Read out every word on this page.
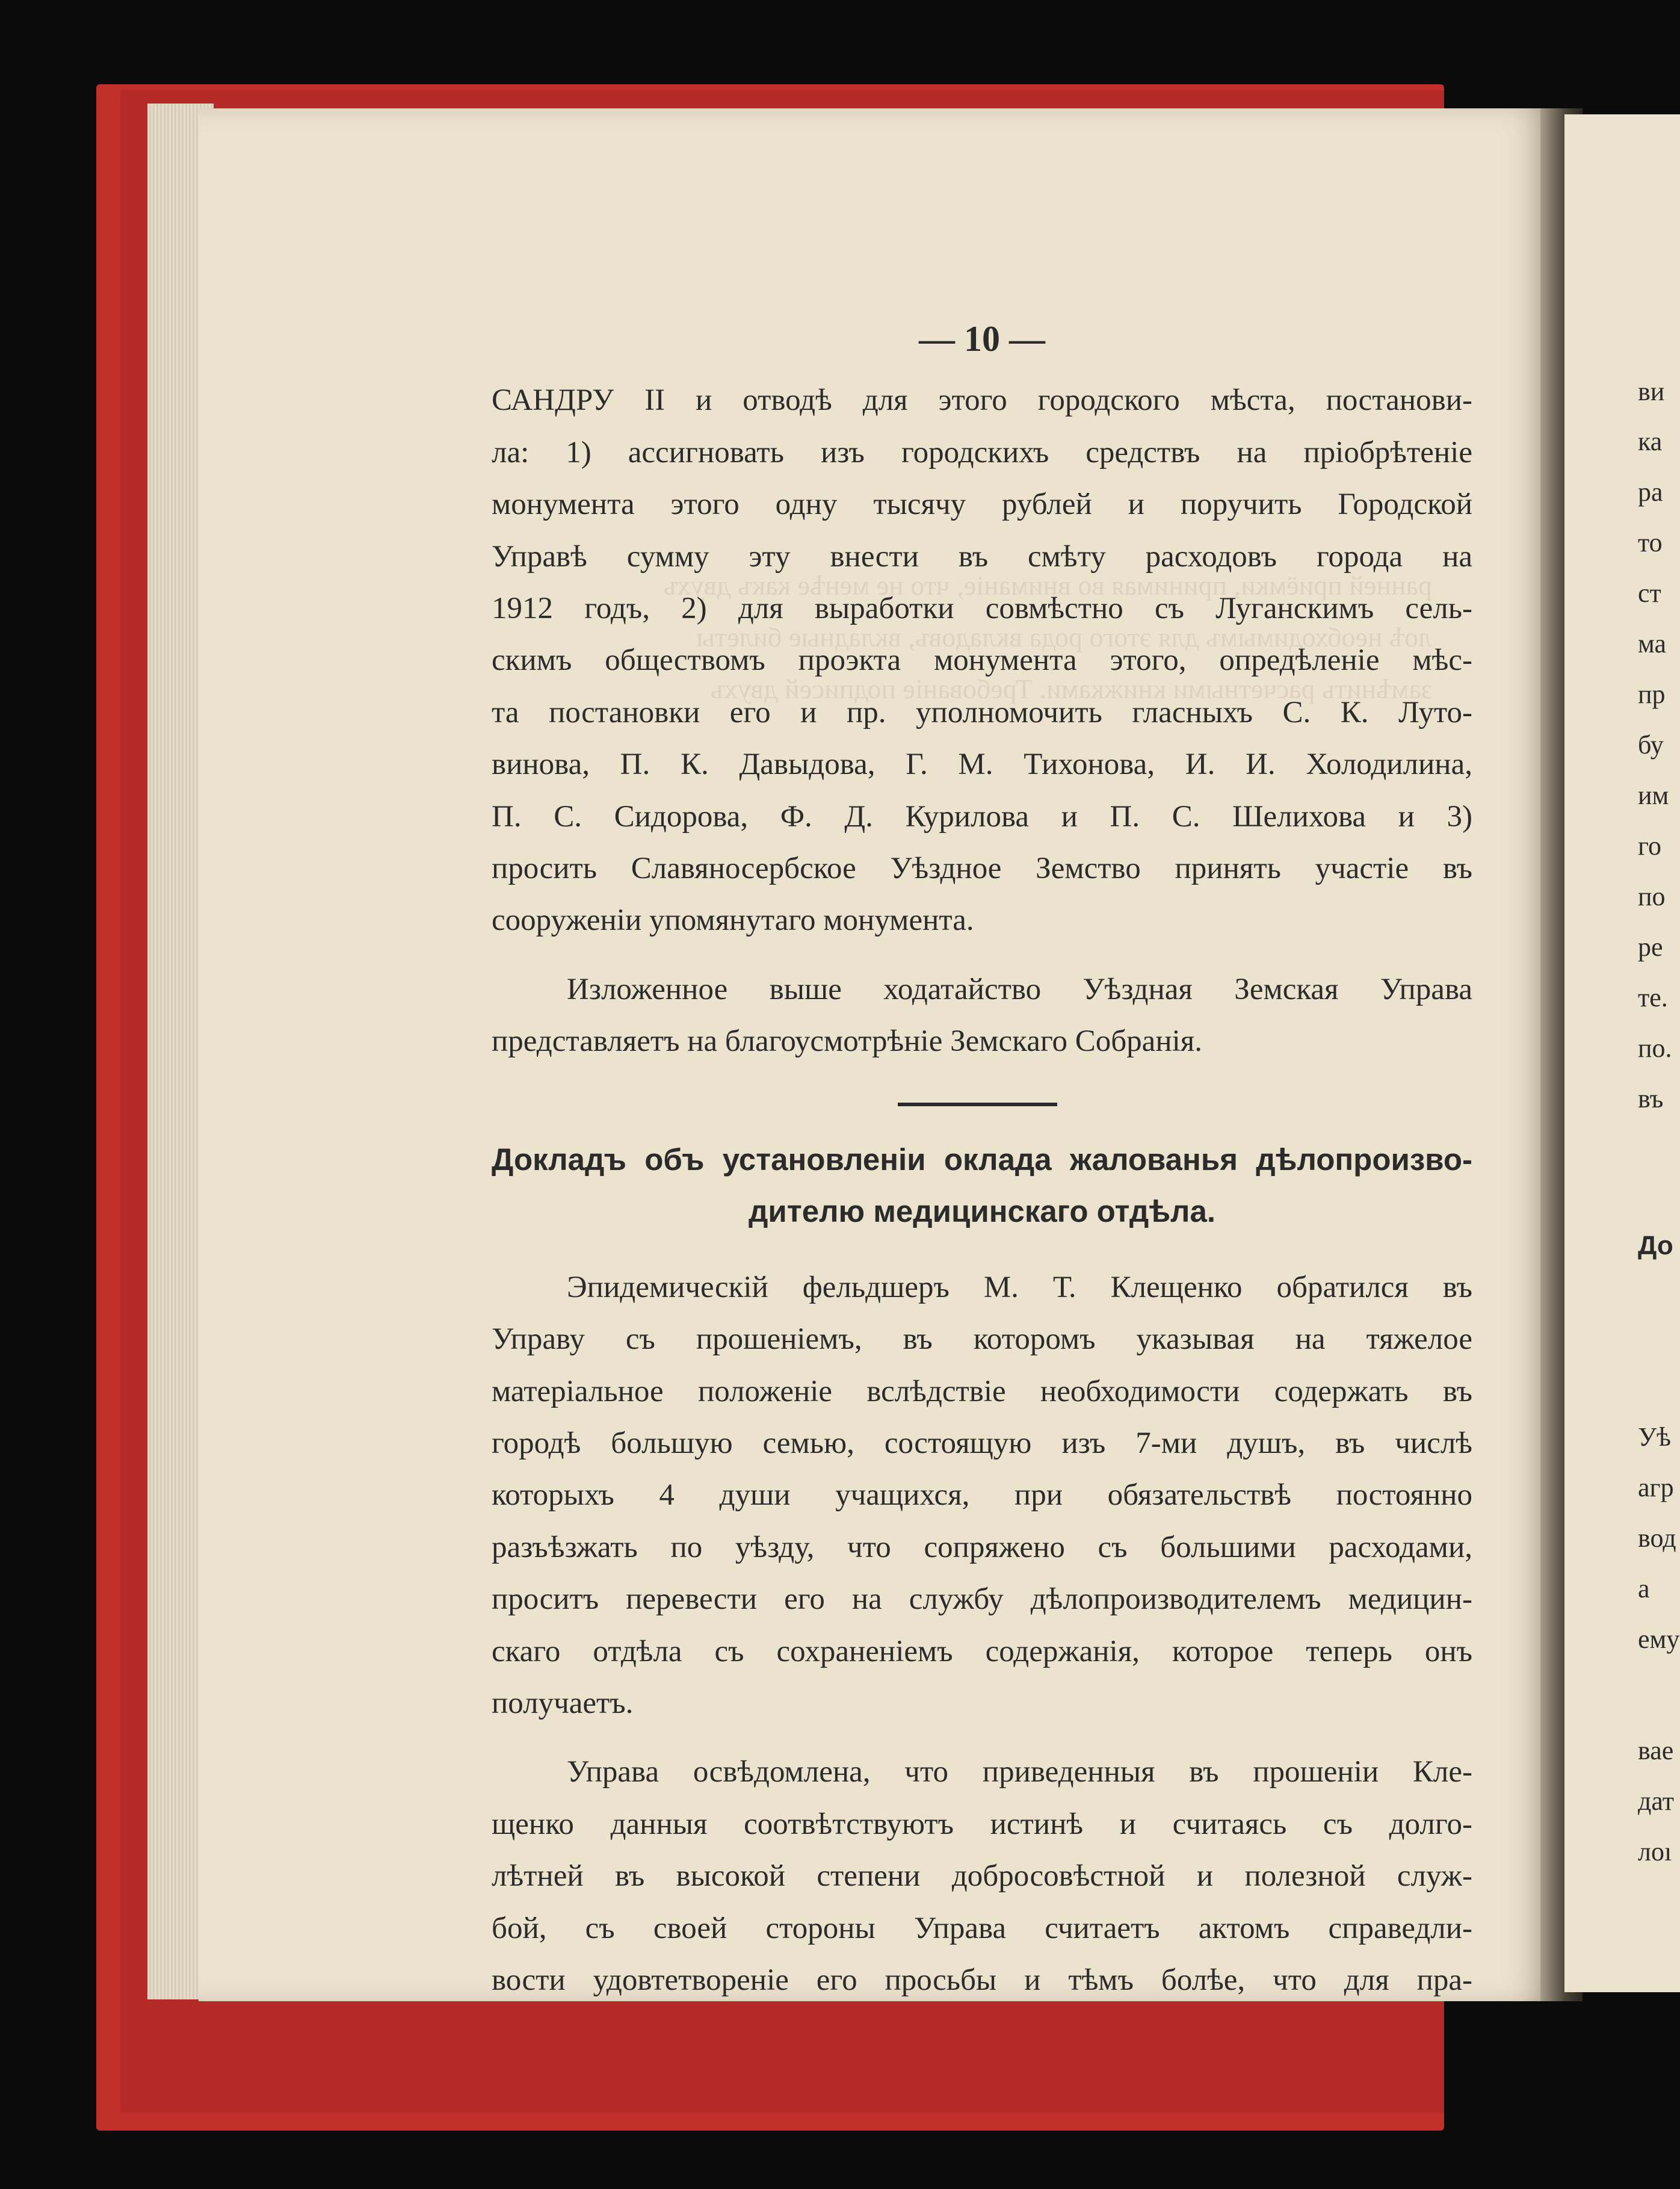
ранней приёмки, принимая во вниманіе, что не менѣе какъ двухъ
лоѣ необходимымъ для этого рода вкладовъ, вкладные билеты
замѣнить расчетными книжками. Требованіе подписей двухъ

— 10 —

САНДРУ II и отводѣ для этого городского мѣста, постанови-

ла: 1) ассигновать изъ городскихъ средствъ на пріобрѣтеніе

монумента этого одну тысячу рублей и поручить Городской

Управѣ сумму эту внести въ смѣту расходовъ города на

1912 годъ, 2) для выработки совмѣстно съ Луганскимъ сель-

скимъ обществомъ проэкта монумента этого, опредѣленіе мѣс-

та постановки его и пр. уполномочить гласныхъ С. К. Луто-

винова, П. К. Давыдова, Г. М. Тихонова, И. И. Холодилина,

П. С. Сидорова, Ф. Д. Курилова и П. С. Шелихова и 3)

просить Славяносербское Уѣздное Земство принять участіе въ

сооруженіи упомянутаго монумента.

Изложенное выше ходатайство Уѣздная Земская Управа

представляетъ на благоусмотрѣніе Земскаго Собранія.

Докладъ объ установленіи оклада жалованья дѣлопроизво-

дителю медицинскаго отдѣла.

Эпидемическій фельдшеръ М. Т. Клещенко обратился въ

Управу съ прошеніемъ, въ которомъ указывая на тяжелое

матеріальное положеніе вслѣдствіе необходимости содержать въ

городѣ большую семью, состоящую изъ 7-ми душъ, въ числѣ

которыхъ 4 души учащихся, при обязательствѣ постоянно

разъѣзжать по уѣзду, что сопряжено съ большими расходами,

проситъ перевести его на службу дѣлопроизводителемъ медицин-

скаго отдѣла съ сохраненіемъ содержанія, которое теперь онъ

получаетъ.

Управа освѣдомлена, что приведенныя въ прошеніи Кле-

щенко данныя соотвѣтствуютъ истинѣ и считаясь съ долго-

лѣтней въ высокой степени добросовѣстной и полезной служ-

бой, съ своей стороны Управа считаетъ актомъ справедли-

вости удовтетвореніе его просьбы и тѣмъ болѣе, что для пра-

ви
ка
ра
то
ст
ма
пр
бу
им
го
по
ре
те.
по.
въ
До
Уѣ
агр
вод
а
ему
вае
дат
лоı
